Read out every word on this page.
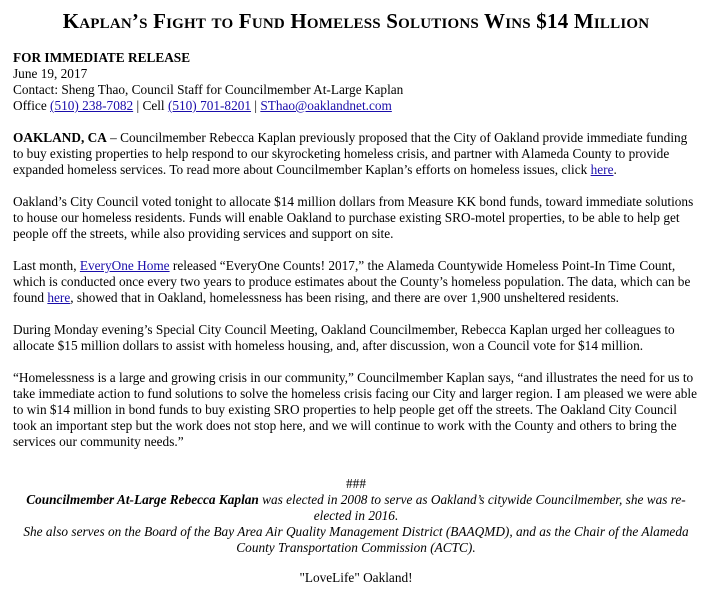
Kaplan’s Fight to Fund Homeless Solutions Wins $14 Million

FOR IMMEDIATE RELEASE

June 19, 2017

Contact: Sheng Thao, Council Staff for Councilmember At-Large Kaplan

Office (510) 238-7082 | Cell (510) 701-8201 | SThao@oaklandnet.com

OAKLAND, CA – Councilmember Rebecca Kaplan previously proposed that the City of Oakland provide immediate funding to buy existing properties to help respond to our skyrocketing homeless crisis, and partner with Alameda County to provide expanded homeless services. To read more about Councilmember Kaplan’s efforts on homeless issues, click here.

Oakland’s City Council voted tonight to allocate $14 million dollars from Measure KK bond funds, toward immediate solutions to house our homeless residents. Funds will enable Oakland to purchase existing SRO-motel properties, to be able to help get people off the streets, while also providing services and support on site.

Last month, EveryOne Home released “EveryOne Counts! 2017,” the Alameda Countywide Homeless Point-In Time Count, which is conducted once every two years to produce estimates about the County’s homeless population. The data, which can be found here, showed that in Oakland, homelessness has been rising, and there are over 1,900 unsheltered residents.

During Monday evening’s Special City Council Meeting, Oakland Councilmember, Rebecca Kaplan urged her colleagues to allocate $15 million dollars to assist with homeless housing, and, after discussion, won a Council vote for $14 million.

“Homelessness is a large and growing crisis in our community,” Councilmember Kaplan says, “and illustrates the need for us to take immediate action to fund solutions to solve the homeless crisis facing our City and larger region. I am pleased we were able to win $14 million in bond funds to buy existing SRO properties to help people get off the streets. The Oakland City Council took an important step but the work does not stop here, and we will continue to work with the County and others to bring the services our community needs.”

###
Councilmember At-Large Rebecca Kaplan was elected in 2008 to serve as Oakland’s citywide Councilmember, she was re-elected in 2016.
She also serves on the Board of the Bay Area Air Quality Management District (BAAQMD), and as the Chair of the Alameda County Transportation Commission (ACTC).
"LoveLife" Oakland!
